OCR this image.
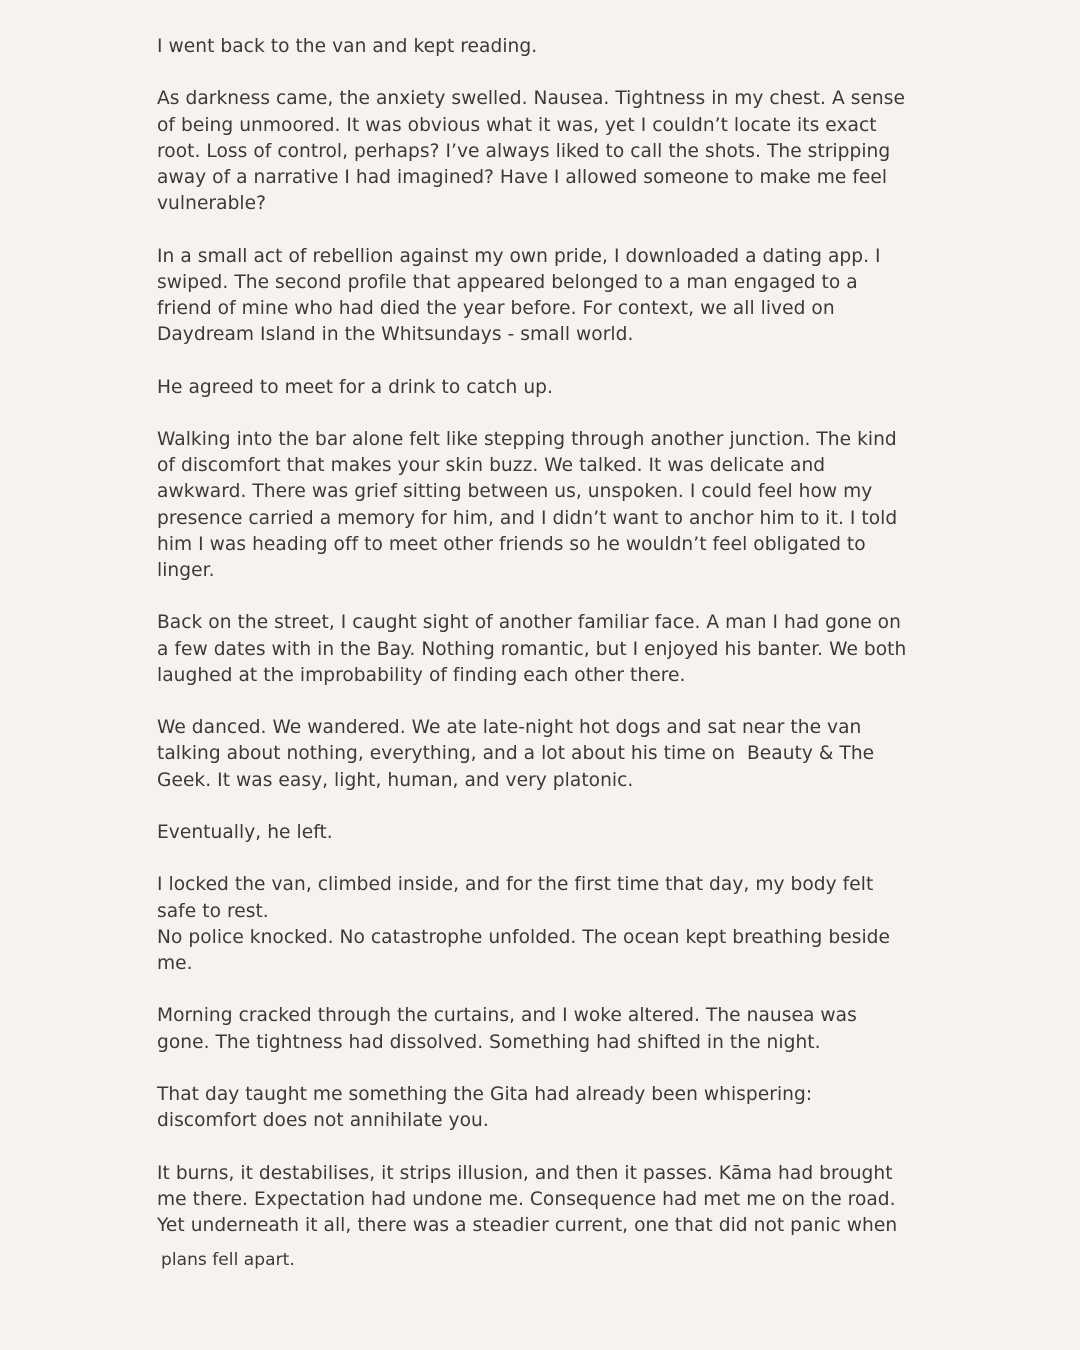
I went back to the van and kept reading.

As darkness came, the anxiety swelled. Nausea. Tightness in my chest. A sense of being unmoored. It was obvious what it was, yet I couldn’t locate its exact root. Loss of control, perhaps? I’ve always liked to call the shots. The stripping away of a narrative I had imagined? Have I allowed someone to make me feel vulnerable?

In a small act of rebellion against my own pride, I downloaded a dating app. I swiped. The second profile that appeared belonged to a man engaged to a friend of mine who had died the year before. For context, we all lived on Daydream Island in the Whitsundays - small world.

He agreed to meet for a drink to catch up.

Walking into the bar alone felt like stepping through another junction. The kind of discomfort that makes your skin buzz. We talked. It was delicate and awkward. There was grief sitting between us, unspoken. I could feel how my presence carried a memory for him, and I didn’t want to anchor him to it. I told him I was heading off to meet other friends so he wouldn’t feel obligated to linger.

Back on the street, I caught sight of another familiar face. A man I had gone on a few dates with in the Bay. Nothing romantic, but I enjoyed his banter. We both laughed at the improbability of finding each other there.

We danced. We wandered. We ate late-night hot dogs and sat near the van talking about nothing, everything, and a lot about his time on  Beauty & The Geek. It was easy, light, human, and very platonic.

Eventually, he left.

I locked the van, climbed inside, and for the first time that day, my body felt safe to rest.

No police knocked. No catastrophe unfolded. The ocean kept breathing beside me.

Morning cracked through the curtains, and I woke altered. The nausea was gone. The tightness had dissolved. Something had shifted in the night.

That day taught me something the Gita had already been whispering: discomfort does not annihilate you.

It burns, it destabilises, it strips illusion, and then it passes. Kāma had brought me there. Expectation had undone me. Consequence had met me on the road. Yet underneath it all, there was a steadier current, one that did not panic when

plans fell apart.
